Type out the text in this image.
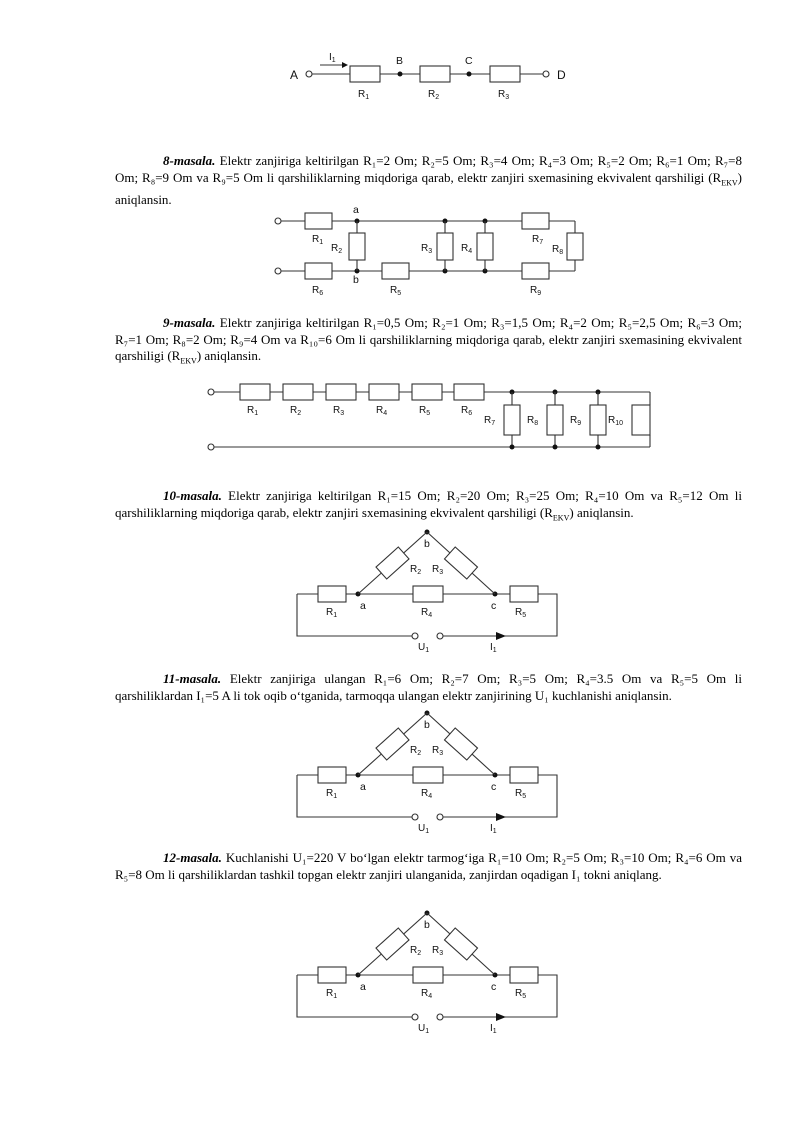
A
$I_1$
$R_1$
B
$R_2$
C
$R_3$
D
8-masala. Elektr zanjiriga keltirilgan R₁=2 Om; R₂=5 Om; R₃=4 Om; R₄=3 Om; R₅=2 Om; R₆=1 Om; R₇=8 Om; R₈=9 Om va R₉=5 Om li qarshiliklarning miqdoriga qarab, elektr zanjiri sxemasining ekvivalent qarshiligi $(R_{EKV})$ aniqlansin.
$R_1$
a
$R_7$
$R_8$
$R_6$
b
$R_5$	$R_9$
$R_2$	$R_3$	$R_4$
9-masala. Elektr zanjiriga keltirilgan R₁=0,5 Om; R₂=1 Om; R₃=1,5 Om; R₄=2 Om; R₅=2,5 Om; R₆=3 Om; R₇=1 Om; R₈=2 Om; R₉=4 Om va R₁₀=6 Om li qarshiliklarning miqdoriga qarab, elektr zanjiri sxemasining ekvivalent qarshiligi $(R_{EKV})$ aniqlansin.
$R_1$	$R_2$	$R_3$	$R_4$	$R_5$	$R_6$
$R_7$	$R_8$	$R_9$	$R_{10}$
10-masala. Elektr zanjiriga keltirilgan R₁=15 Om; R₂=20 Om; R₃=25 Om; R₄=10 Om va R₅=12 Om li qarshiliklarning miqdoriga qarab, elektr zanjiri sxemasining ekvivalent qarshiligi $(R_{EKV})$ aniqlansin.
11-masala. Elektr zanjiriga ulangan R₁=6 Om; R₂=7 Om; R₃=5 Om; R₄=3.5 Om va R₅=5 Om li qarshiliklardan I₁=5 A li tok oqib o‘tganida, tarmoqqa ulangan elektr zanjirining U₁ kuchlanishi aniqlansin.
12-masala. Kuchlanishi U₁=220 V bo‘lgan elektr tarmog‘iga R₁=10 Om; R₂=5 Om; R₃=10 Om; R₄=6 Om va R₅=8 Om li qarshiliklardan tashkil topgan elektr zanjiri ulanganida, zanjirdan oqadigan I₁ tokni aniqlang.
$R_1$	$R_4$	$R_5$
a	c
b
$R_2$ $R_3$
$U_1$	$I_1$
$R_1$	$R_4$	$R_5$
a	c
b
$R_2$ $R_3$
$U_1$	$I_1$
$R_1$	$R_4$	$R_5$
a	c
b
$R_2$ $R_3$
$U_1$	$I_1$
